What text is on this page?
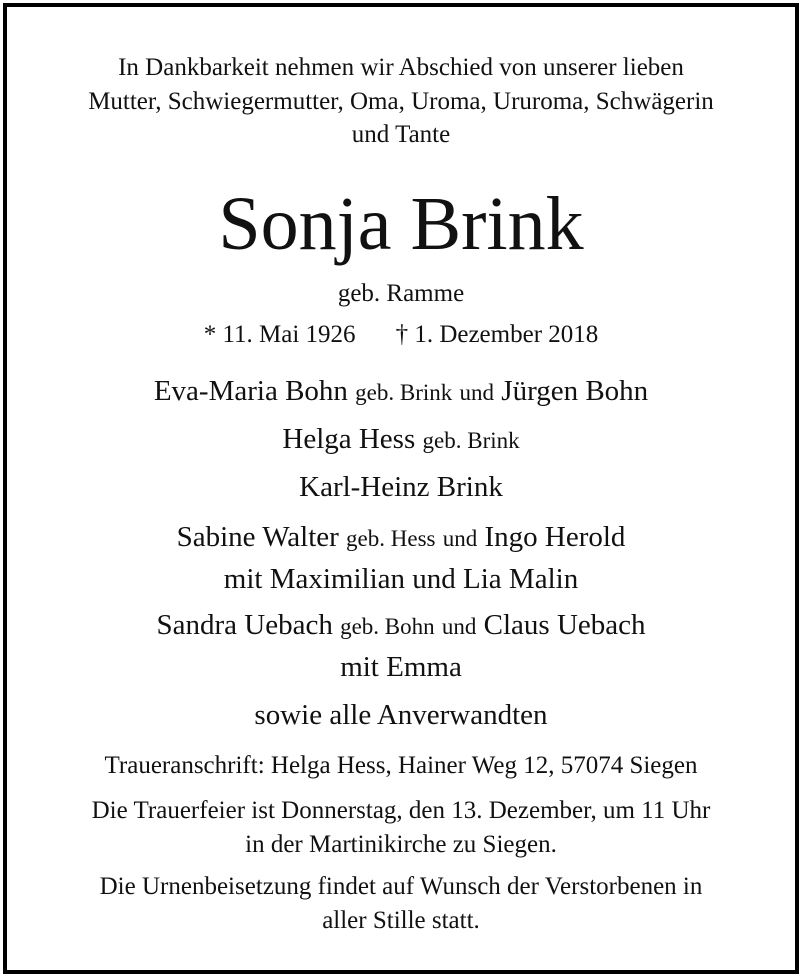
In Dankbarkeit nehmen wir Abschied von unserer lieben
Mutter, Schwiegermutter, Oma, Uroma, Ururoma, Schwägerin
und Tante
Sonja Brink
geb. Ramme
* 11. Mai 1926 † 1. Dezember 2018
Eva-Maria Bohn geb. Brink und Jürgen Bohn
Helga Hess geb. Brink
Karl-Heinz Brink
Sabine Walter geb. Hess und Ingo Herold
mit Maximilian und Lia Malin
Sandra Uebach geb. Bohn und Claus Uebach
mit Emma
sowie alle Anverwandten
Traueranschrift: Helga Hess, Hainer Weg 12, 57074 Siegen
Die Trauerfeier ist Donnerstag, den 13. Dezember, um 11 Uhr
in der Martinikirche zu Siegen.
Die Urnenbeisetzung findet auf Wunsch der Verstorbenen in
aller Stille statt.
